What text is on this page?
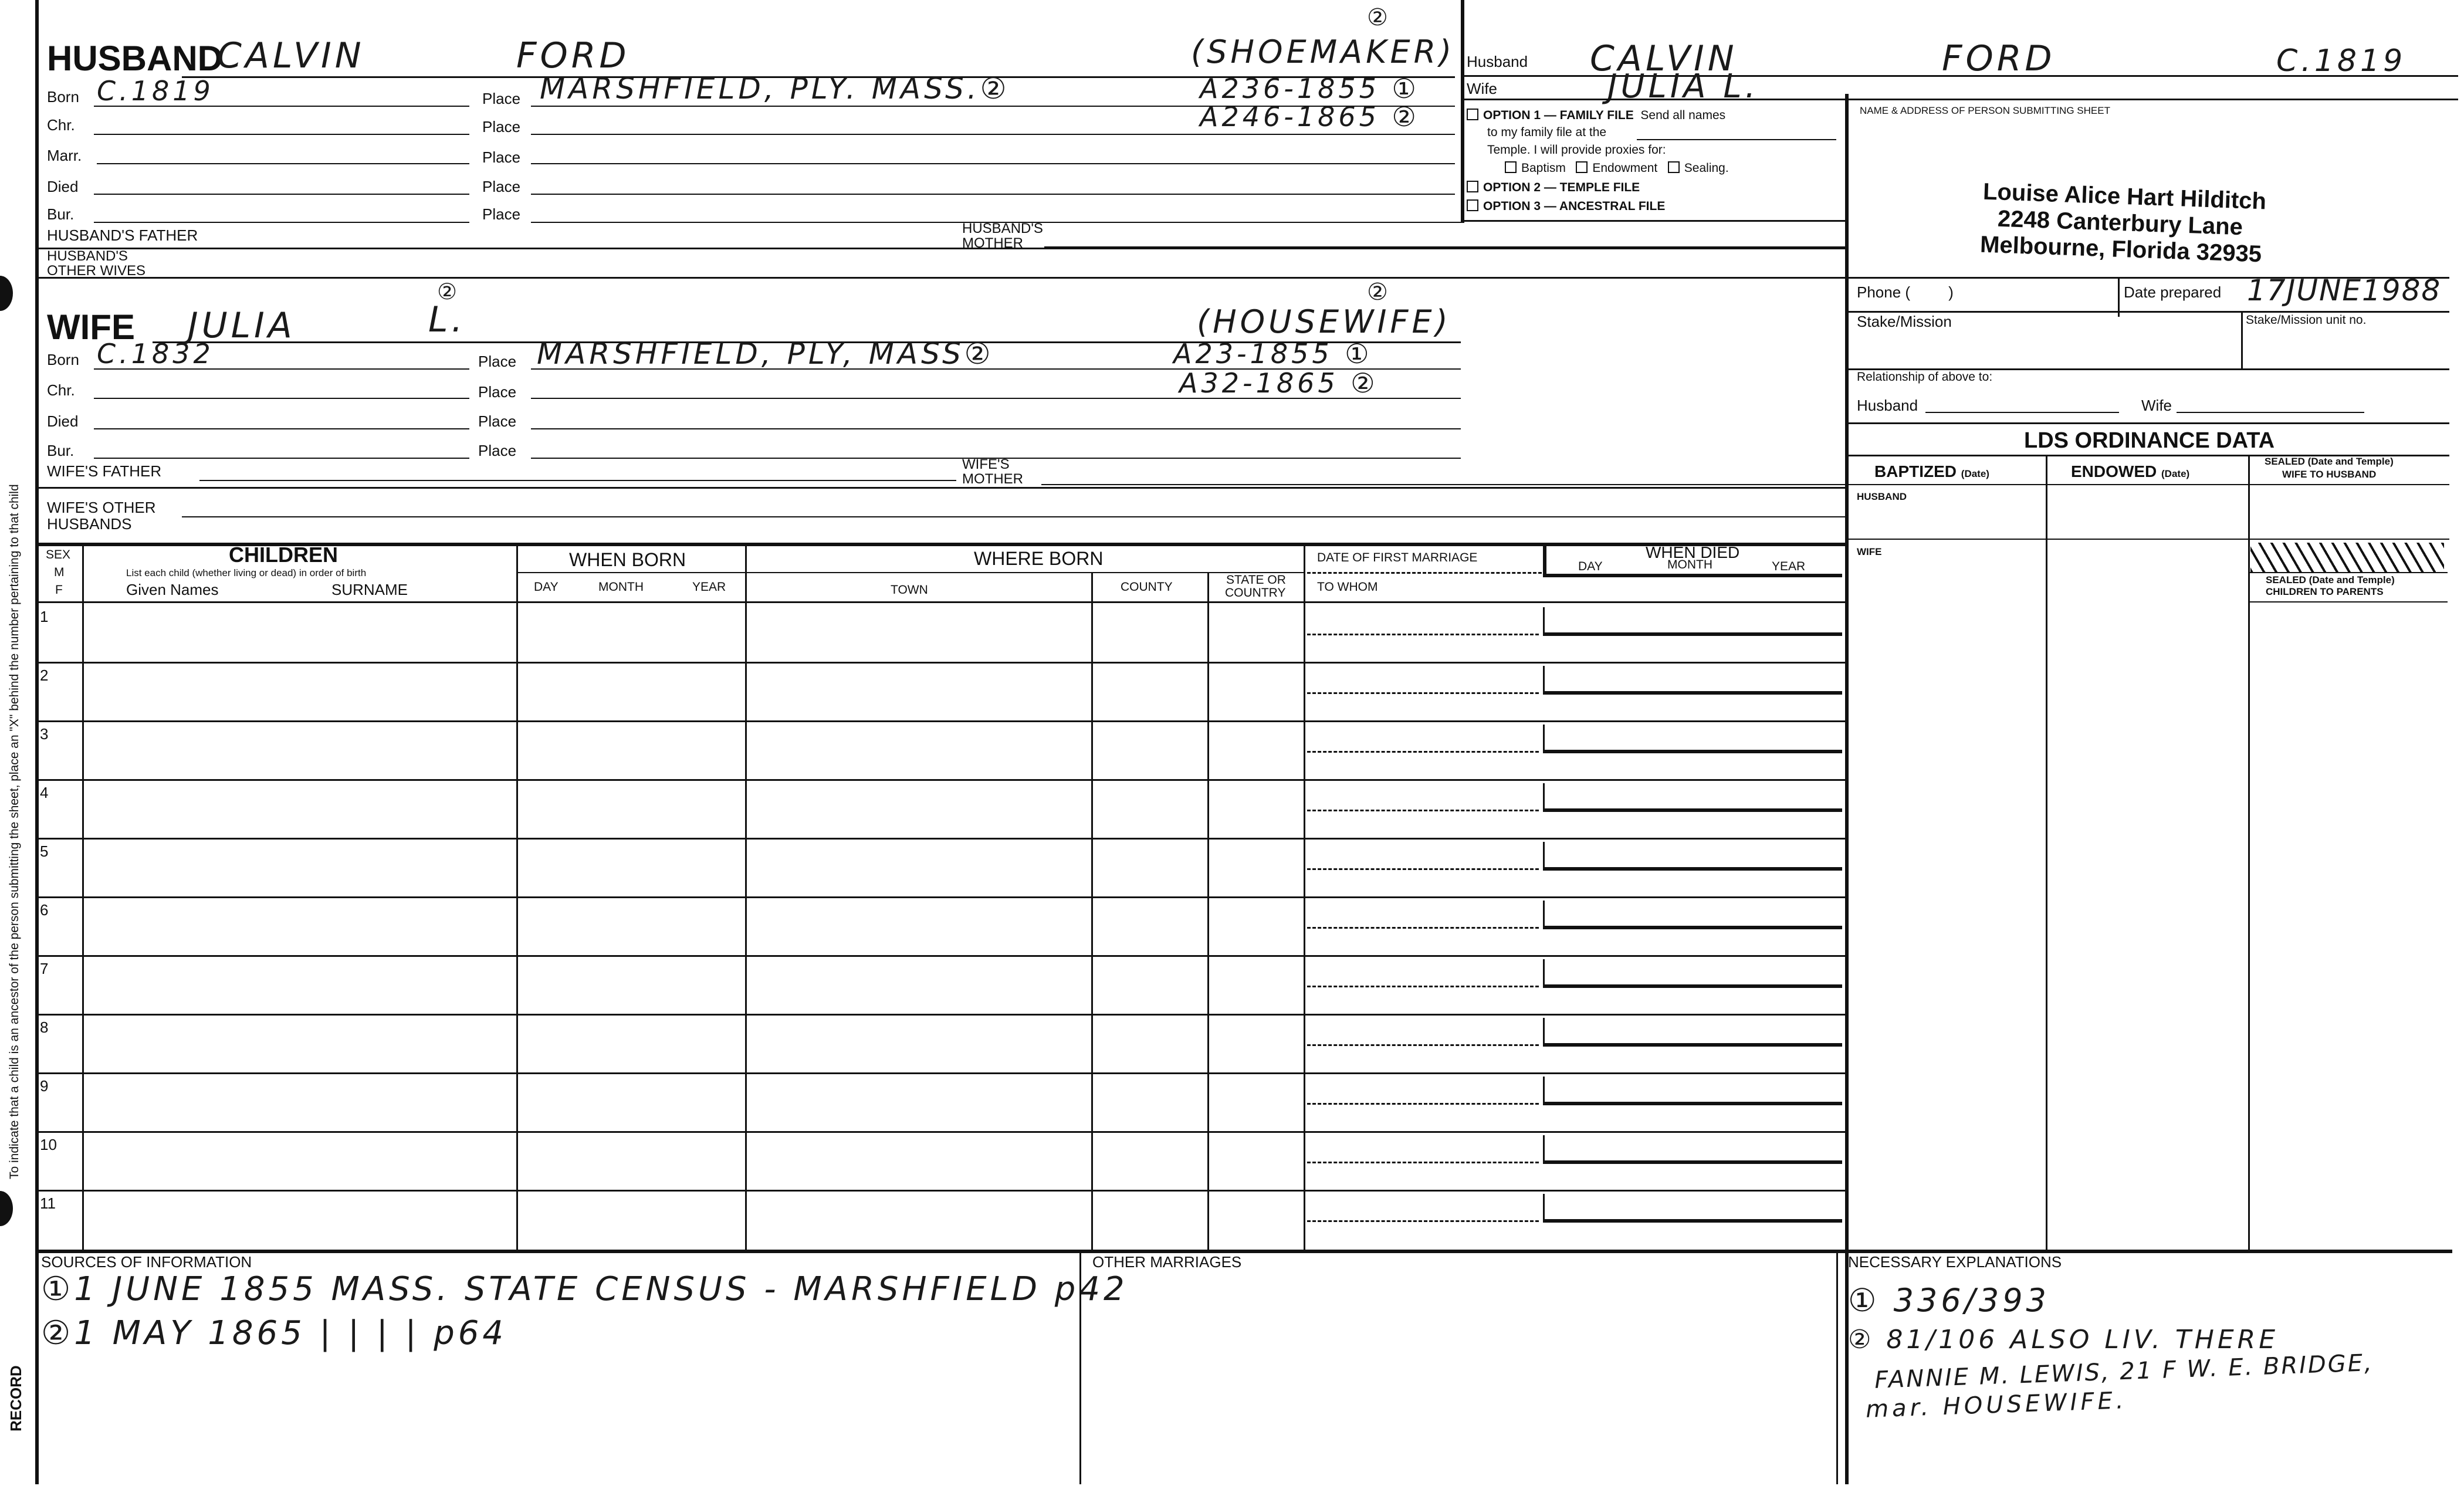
To indicate that a child is an ancestor of the person submitting the sheet, place an "X" behind the number pertaining to that child
RECORD
HUSBAND
CALVIN	FORD	(SHOEMAKER)
②
Born C.1819	Place MARSHFIELD, PLY. MASS.②	A236-1855 ①
Chr.	Place	A246-1865 ②
Marr.	Place
Died	Place
Bur.	Place
HUSBAND'S FATHER	HUSBAND'S
MOTHER
HUSBAND'S
OTHER WIVES
WIFE JULIA	L.
②
(HOUSEWIFE)
②
Born C.1832	Place MARSHFIELD, PLY, MASS②	A23-1855 ①
Chr.	Place	A32-1865 ②
Died	Place
Bur.	Place
WIFE'S FATHER	WIFE'S
MOTHER
WIFE'S OTHER
HUSBANDS
Husband CALVIN	FORD	C.1819
Wife	JULIA L.
OPTION 1 — FAMILY FILE Send all names
to my family file at the
Temple. I will provide proxies for:
Baptism Endowment Sealing.
OPTION 2 — TEMPLE FILE
OPTION 3 — ANCESTRAL FILE
NAME & ADDRESS OF PERSON SUBMITTING SHEET
Louise Alice Hart Hilditch
2248 Canterbury Lane
Melbourne, Florida 32935
Phone (	)	Date prepared 17JUNE1988
Stake/Mission	Stake/Mission unit no.
Relationship of above to:
Husband	Wife
LDS ORDINANCE DATA
BAPTIZED (Date)	ENDOWED (Date)
SEALED (Date and Temple)
WIFE TO HUSBAND
HUSBAND
WIFE
SEALED (Date and Temple)
CHILDREN TO PARENTS
SEX
M
F
CHILDREN
List each child (whether living or dead) in order of birth
Given Names	SURNAME
WHEN BORN
DAY	MONTH	YEAR
WHERE BORN
TOWN	COUNTY
STATE OR
COUNTRY
DATE OF FIRST MARRIAGE
TO WHOM
WHEN DIED
DAY	MONTH	YEAR
1
2
3
4
5
6
7
8
9
10
11
SOURCES OF INFORMATION
①1 JUNE 1855 MASS. STATE CENSUS - MARSHFIELD p42
②1 MAY 1865 | | | | p64
OTHER MARRIAGES	NECESSARY EXPLANATIONS
① 336/393
② 81/106 ALSO LIV. THERE
FANNIE M. LEWIS, 21 F W. E. BRIDGE,
mar. HOUSEWIFE.
